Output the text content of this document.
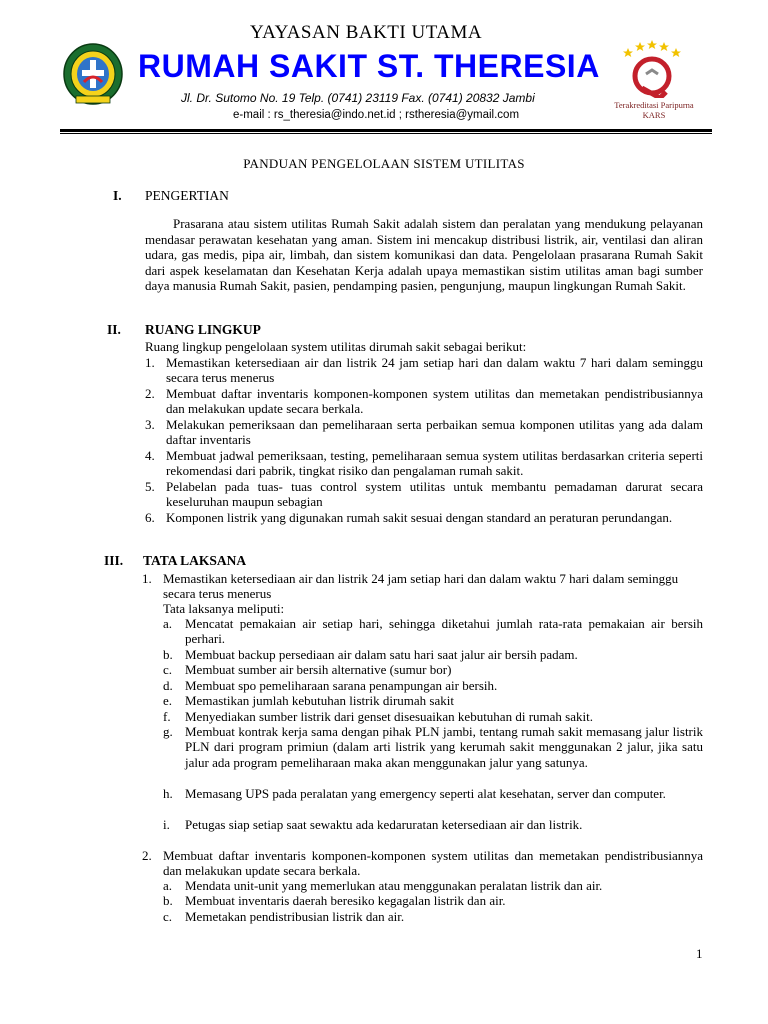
YAYASAN BAKTI UTAMA
RUMAH SAKIT ST. THERESIA
Jl. Dr. Sutomo No. 19 Telp. (0741) 23119 Fax. (0741) 20832 Jambi
e-mail : rs_theresia@indo.net.id ; rstheresia@ymail.com
Terakreditasi Paripurna
KARS
PANDUAN PENGELOLAAN SISTEM UTILITAS
I. PENGERTIAN

Prasarana atau sistem utilitas Rumah Sakit adalah sistem dan peralatan yang mendukung pelayanan mendasar perawatan kesehatan yang aman. Sistem ini mencakup distribusi listrik, air, ventilasi dan aliran udara, gas medis, pipa air, limbah, dan sistem komunikasi dan data. Pengelolaan prasarana Rumah Sakit dari aspek keselamatan dan Kesehatan Kerja adalah upaya memastikan sistim utilitas aman bagi sumber daya manusia Rumah Sakit, pasien, pendamping pasien, pengunjung, maupun lingkungan Rumah Sakit.

II. RUANG LINGKUP
Ruang lingkup pengelolaan system utilitas dirumah sakit sebagai berikut:
1. Memastikan ketersediaan air dan listrik 24 jam setiap hari dan dalam waktu 7 hari dalam seminggu secara terus menerus

2. Membuat daftar inventaris komponen-komponen system utilitas dan memetakan pendistribusiannya dan melakukan update secara berkala.

3. Melakukan pemeriksaan dan pemeliharaan serta perbaikan semua komponen utilitas yang ada dalam daftar inventaris

4. Membuat jadwal pemeriksaan, testing, pemeliharaan semua system utilitas berdasarkan criteria seperti rekomendasi dari pabrik, tingkat risiko dan pengalaman rumah sakit.

5. Pelabelan pada tuas- tuas control system utilitas untuk membantu pemadaman darurat secara keseluruhan maupun sebagian

6. Komponen listrik yang digunakan rumah sakit sesuai dengan standard an peraturan perundangan.

III. TATA LAKSANA
1. Memastikan ketersediaan air dan listrik 24 jam setiap hari dan dalam waktu 7 hari dalam seminggu secara terus menerus

Tata laksanya meliputi:
a. Mencatat pemakaian air setiap hari, sehingga diketahui jumlah rata-rata pemakaian air bersih perhari.

b. Membuat backup persediaan air dalam satu hari saat jalur air bersih padam.

c. Membuat sumber air bersih alternative (sumur bor)

d. Membuat spo pemeliharaan sarana penampungan air bersih.

e. Memastikan jumlah kebutuhan listrik dirumah sakit

f. Menyediakan sumber listrik dari genset disesuaikan kebutuhan di rumah sakit.

g. Membuat kontrak kerja sama dengan pihak PLN jambi, tentang rumah sakit memasang jalur listrik PLN dari program primiun (dalam arti listrik yang kerumah sakit menggunakan 2 jalur, jika satu jalur ada program pemeliharaan maka akan menggunakan jalur yang satunya.

h. Memasang UPS pada peralatan yang emergency seperti alat kesehatan, server dan computer.

i. Petugas siap setiap saat sewaktu ada kedaruratan ketersediaan air dan listrik.

2. Membuat daftar inventaris komponen-komponen system utilitas dan memetakan pendistribusiannya dan melakukan update secara berkala.

a. Mendata unit-unit yang memerlukan atau menggunakan peralatan listrik dan air.

b. Membuat inventaris daerah beresiko kegagalan listrik dan air.

c. Memetakan pendistribusian listrik dan air.

1
